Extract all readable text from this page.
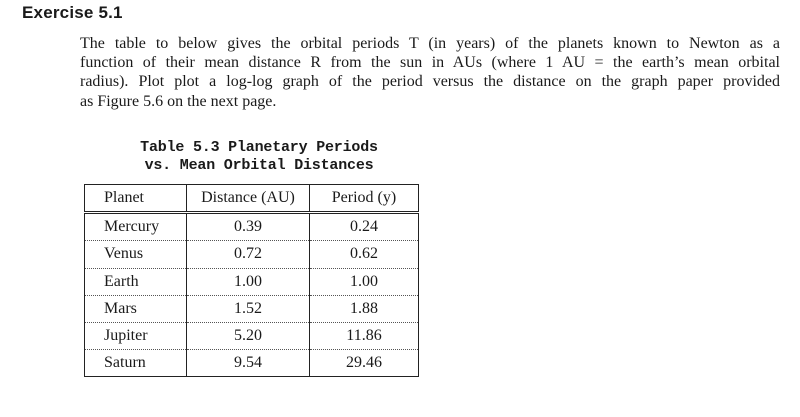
Exercise 5.1
The table to below gives the orbital periods T (in years) of the planets known to Newton as a
function of their mean distance R from the sun in AUs (where 1 AU = the earth’s mean orbital
radius). Plot plot a log-log graph of the period versus the distance on the graph paper provided
as Figure 5.6 on the next page.
Table 5.3 Planetary Periods
vs. Mean Orbital Distances
Planet	Distance (AU)	Period (y)
Mercury	0.39	0.24
Venus	0.72	0.62
Earth	1.00	1.00
Mars	1.52	1.88
Jupiter	5.20	11.86
Saturn	9.54	29.46
